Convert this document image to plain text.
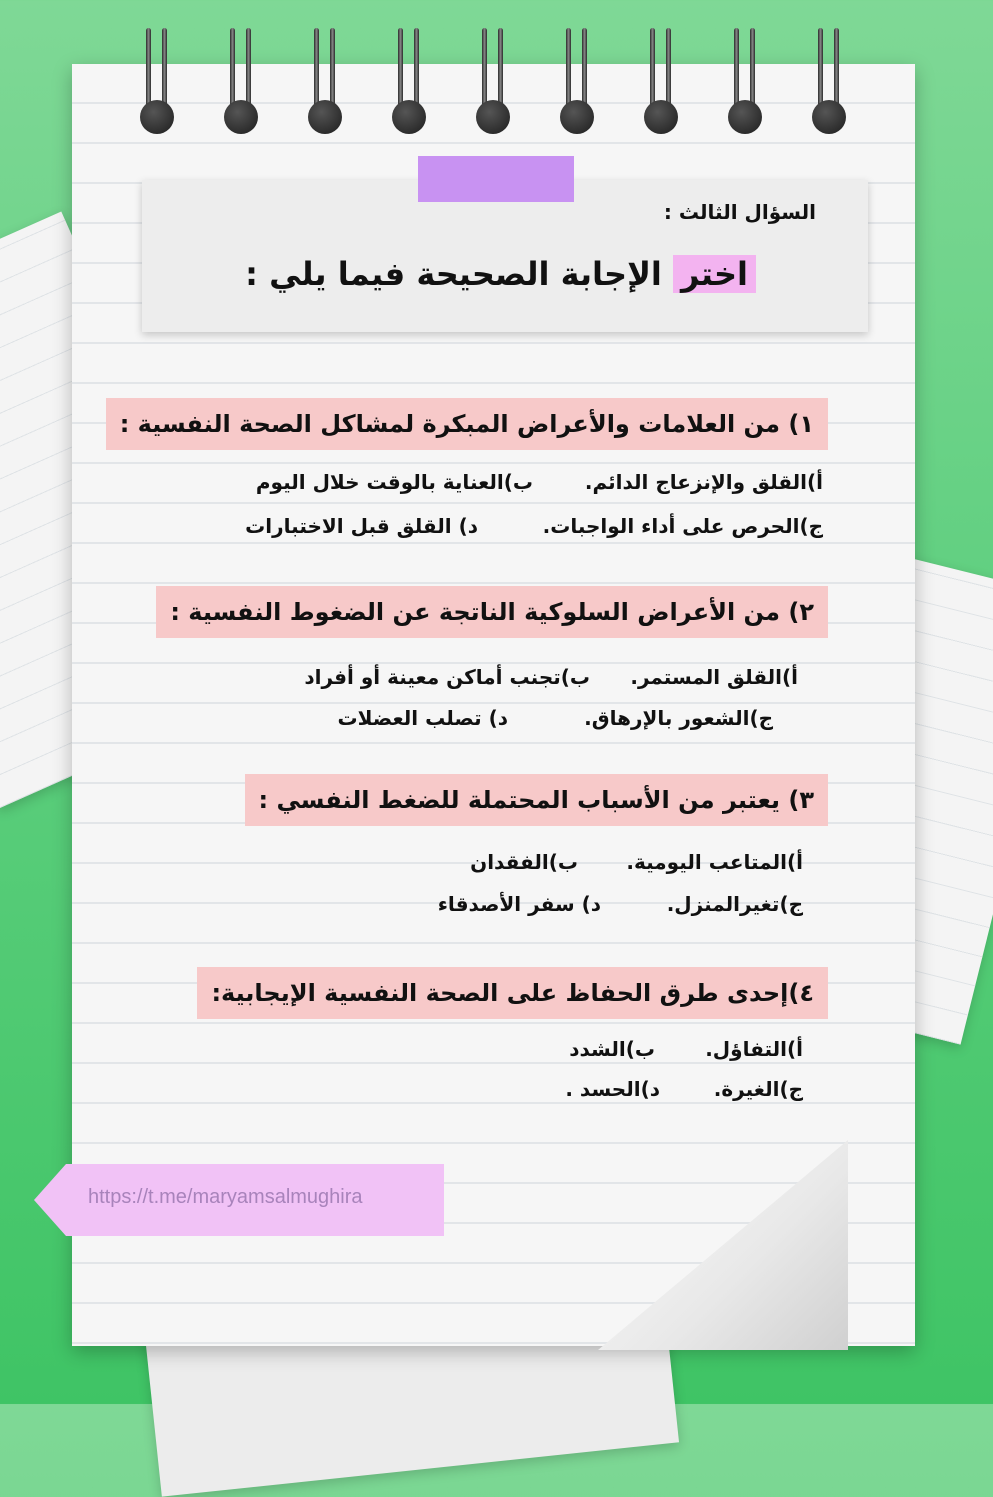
السؤال الثالث :
اختر الإجابة الصحيحة فيما يلي :
١) من العلامات والأعراض المبكرة لمشاكل الصحة النفسية :
أ)القلق والإنزعاج الدائم.
ب)العناية بالوقت خلال اليوم
ج)الحرص على أداء الواجبات.
د) القلق قبل الاختبارات
٢) من الأعراض السلوكية الناتجة عن الضغوط النفسية :
أ)القلق المستمر.
ب)تجنب أماكن معينة أو أفراد
ج)الشعور بالإرهاق.
د) تصلب العضلات
٣) يعتبر من الأسباب المحتملة للضغط النفسي :
أ)المتاعب اليومية.
ب)الفقدان
ج)تغيرالمنزل.
د) سفر الأصدقاء
٤)إحدى طرق الحفاظ على الصحة النفسية الإيجابية:
أ)التفاؤل.
ب)الشدد
ج)الغيرة.
د)الحسد .
https://t.me/maryamsalmughira
